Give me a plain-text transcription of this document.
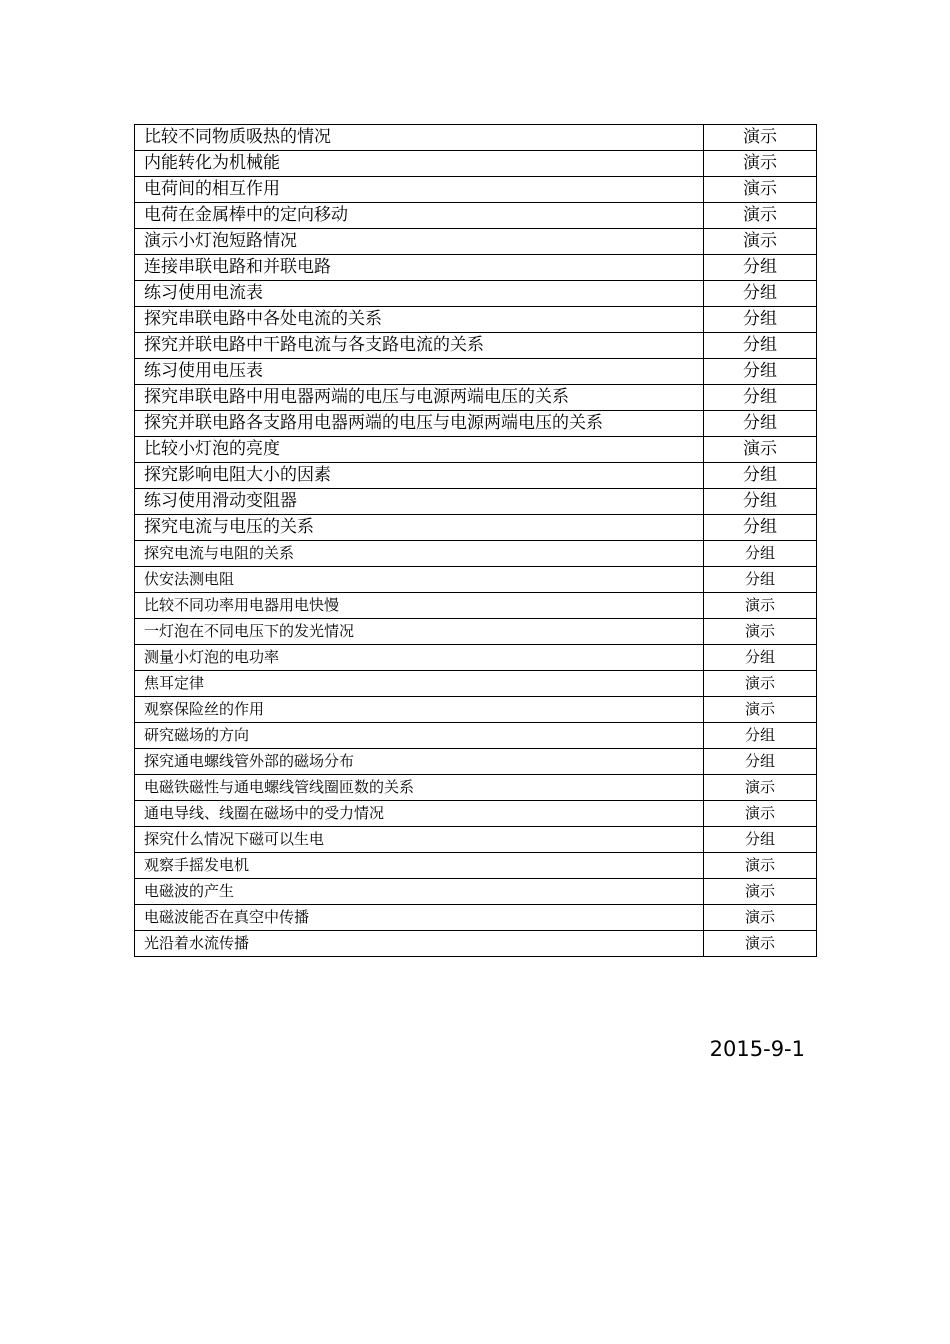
比较不同物质吸热的情况	演示
内能转化为机械能	演示
电荷间的相互作用	演示
电荷在金属棒中的定向移动	演示
演示小灯泡短路情况	演示
连接串联电路和并联电路	分组
练习使用电流表	分组
探究串联电路中各处电流的关系	分组
探究并联电路中干路电流与各支路电流的关系	分组
练习使用电压表	分组
探究串联电路中用电器两端的电压与电源两端电压的关系	分组
探究并联电路各支路用电器两端的电压与电源两端电压的关系	分组
比较小灯泡的亮度	演示
探究影响电阻大小的因素	分组
练习使用滑动变阻器	分组
探究电流与电压的关系	分组
探究电流与电阻的关系	分组
伏安法测电阻	分组
比较不同功率用电器用电快慢	演示
一灯泡在不同电压下的发光情况	演示
测量小灯泡的电功率	分组
焦耳定律	演示
观察保险丝的作用	演示
研究磁场的方向	分组
探究通电螺线管外部的磁场分布	分组
电磁铁磁性与通电螺线管线圈匝数的关系	演示
通电导线、线圈在磁场中的受力情况	演示
探究什么情况下磁可以生电	分组
观察手摇发电机	演示
电磁波的产生	演示
电磁波能否在真空中传播	演示
光沿着水流传播	演示
2015-9-1
